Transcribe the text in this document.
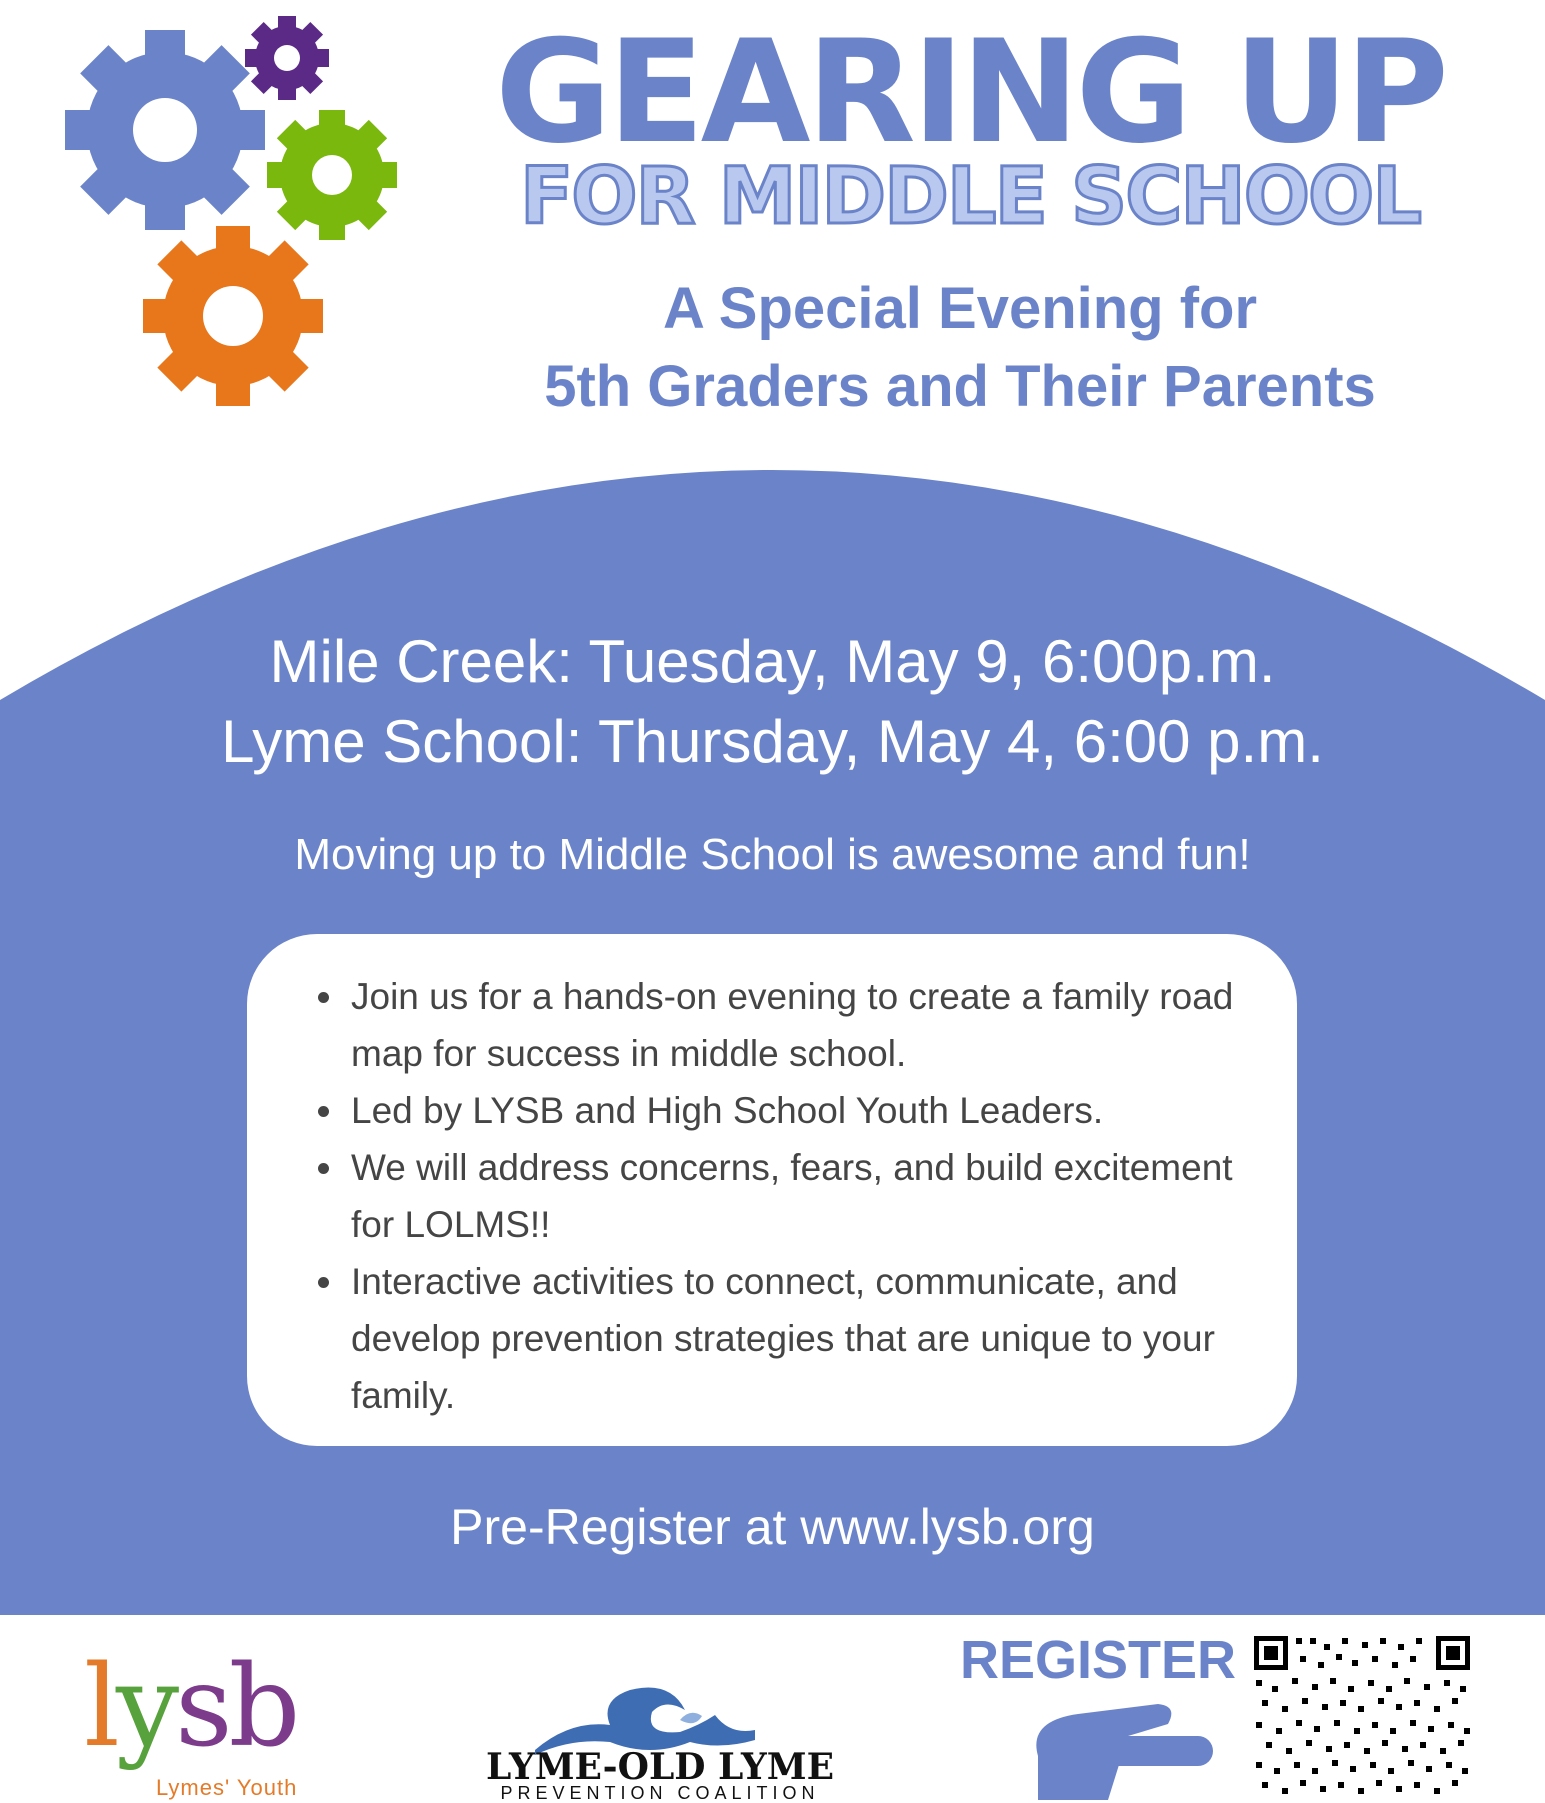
GEARING UP
FOR MIDDLE SCHOOL
A Special Evening for
5th Graders and Their Parents
Mile Creek: Tuesday, May 9, 6:00p.m.
Lyme School: Thursday, May 4, 6:00 p.m.
Moving up to Middle School is awesome and fun!
• Join us for a hands-on evening to create a family road map for success in middle school.
• Led by LYSB and High School Youth Leaders.
• We will address concerns, fears, and build excitement for LOLMS!!
• Interactive activities to connect, communicate, and develop prevention strategies that are unique to your family.
Pre-Register at www.lysb.org
lysb
Lymes' Youth	LYME-OLD LYME
PREVENTION COALITION
REGISTER
